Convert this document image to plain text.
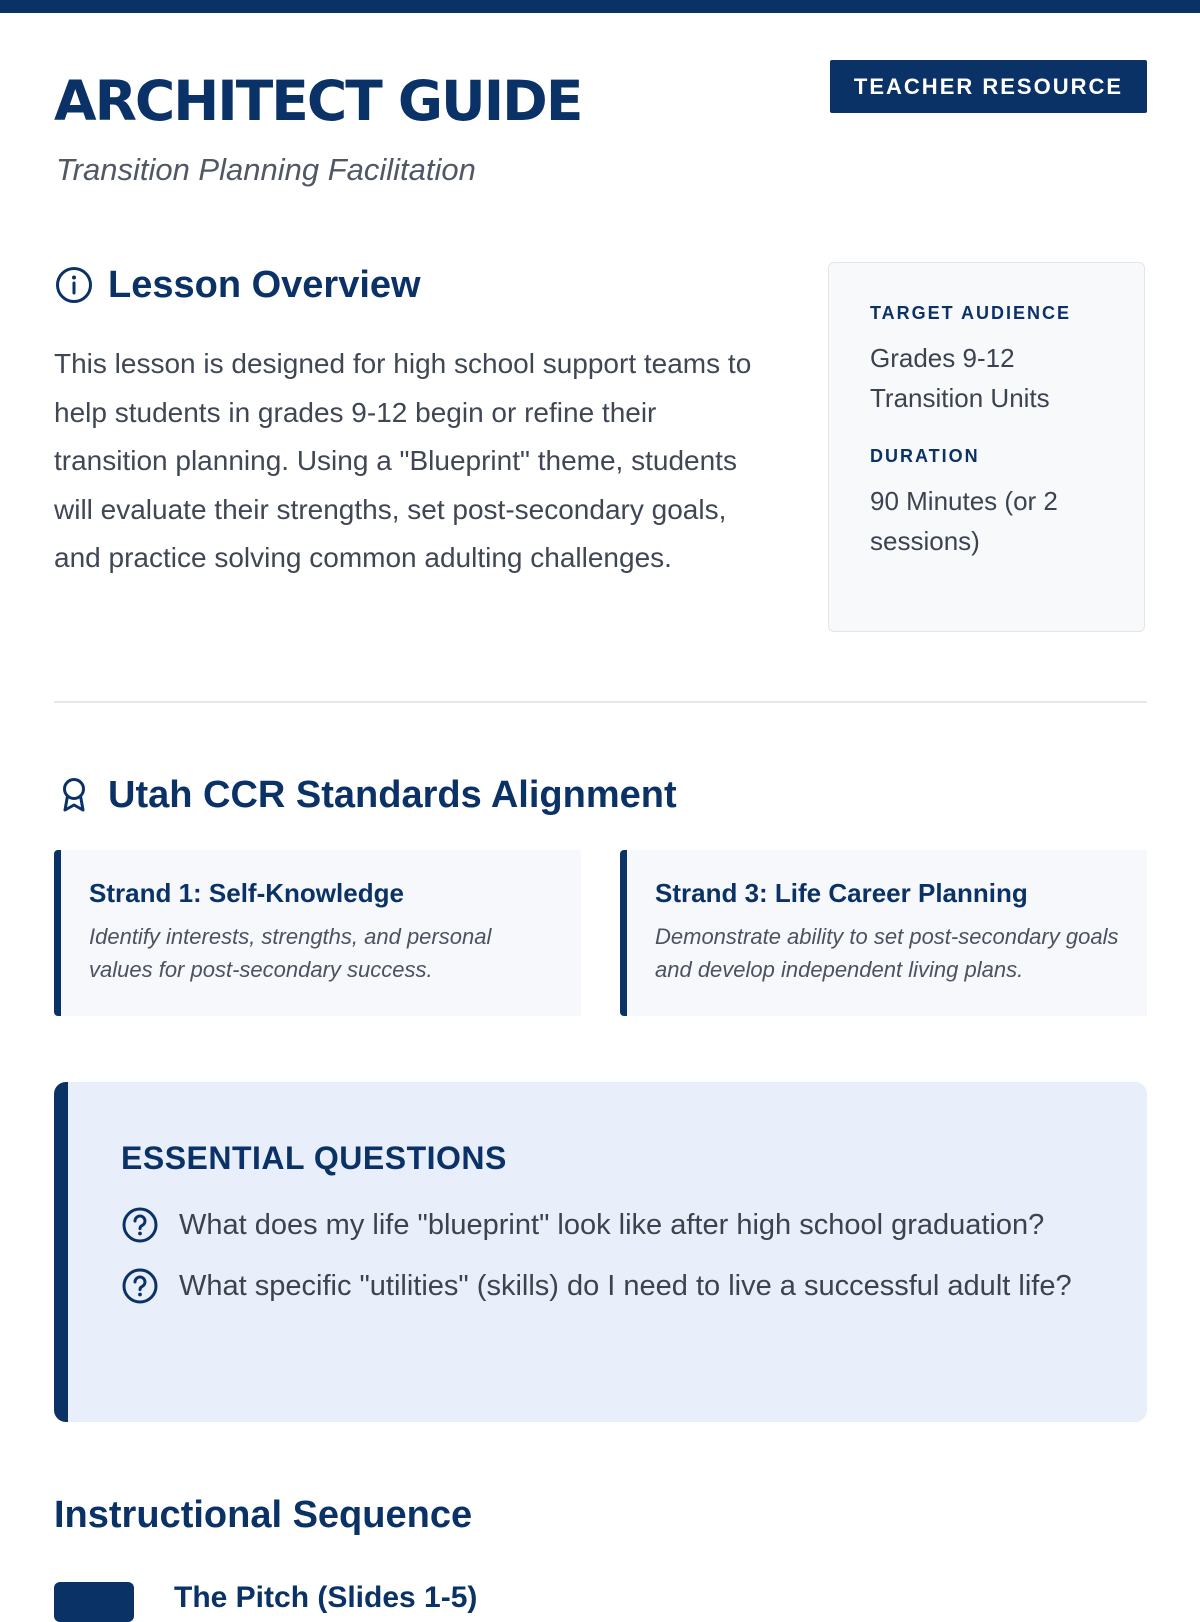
ARCHITECT GUIDE
Transition Planning Facilitation
TEACHER RESOURCE
Lesson Overview

This lesson is designed for high school support teams to help students in grades 9-12 begin or refine their transition planning. Using a "Blueprint" theme, students will evaluate their strengths, set post-secondary goals, and practice solving common adulting challenges.

TARGET AUDIENCE
Grades 9-12 Transition Units
DURATION
90 Minutes (or 2 sessions)
Utah CCR Standards Alignment
Strand 1: Self-Knowledge

Identify interests, strengths, and personal values for post-secondary success.

Strand 3: Life Career Planning

Demonstrate ability to set post-secondary goals and develop independent living plans.

ESSENTIAL QUESTIONS
What does my life "blueprint" look like after high school graduation?
What specific "utilities" (skills) do I need to live a successful adult life?
Instructional Sequence
The Pitch (Slides 1-5)
